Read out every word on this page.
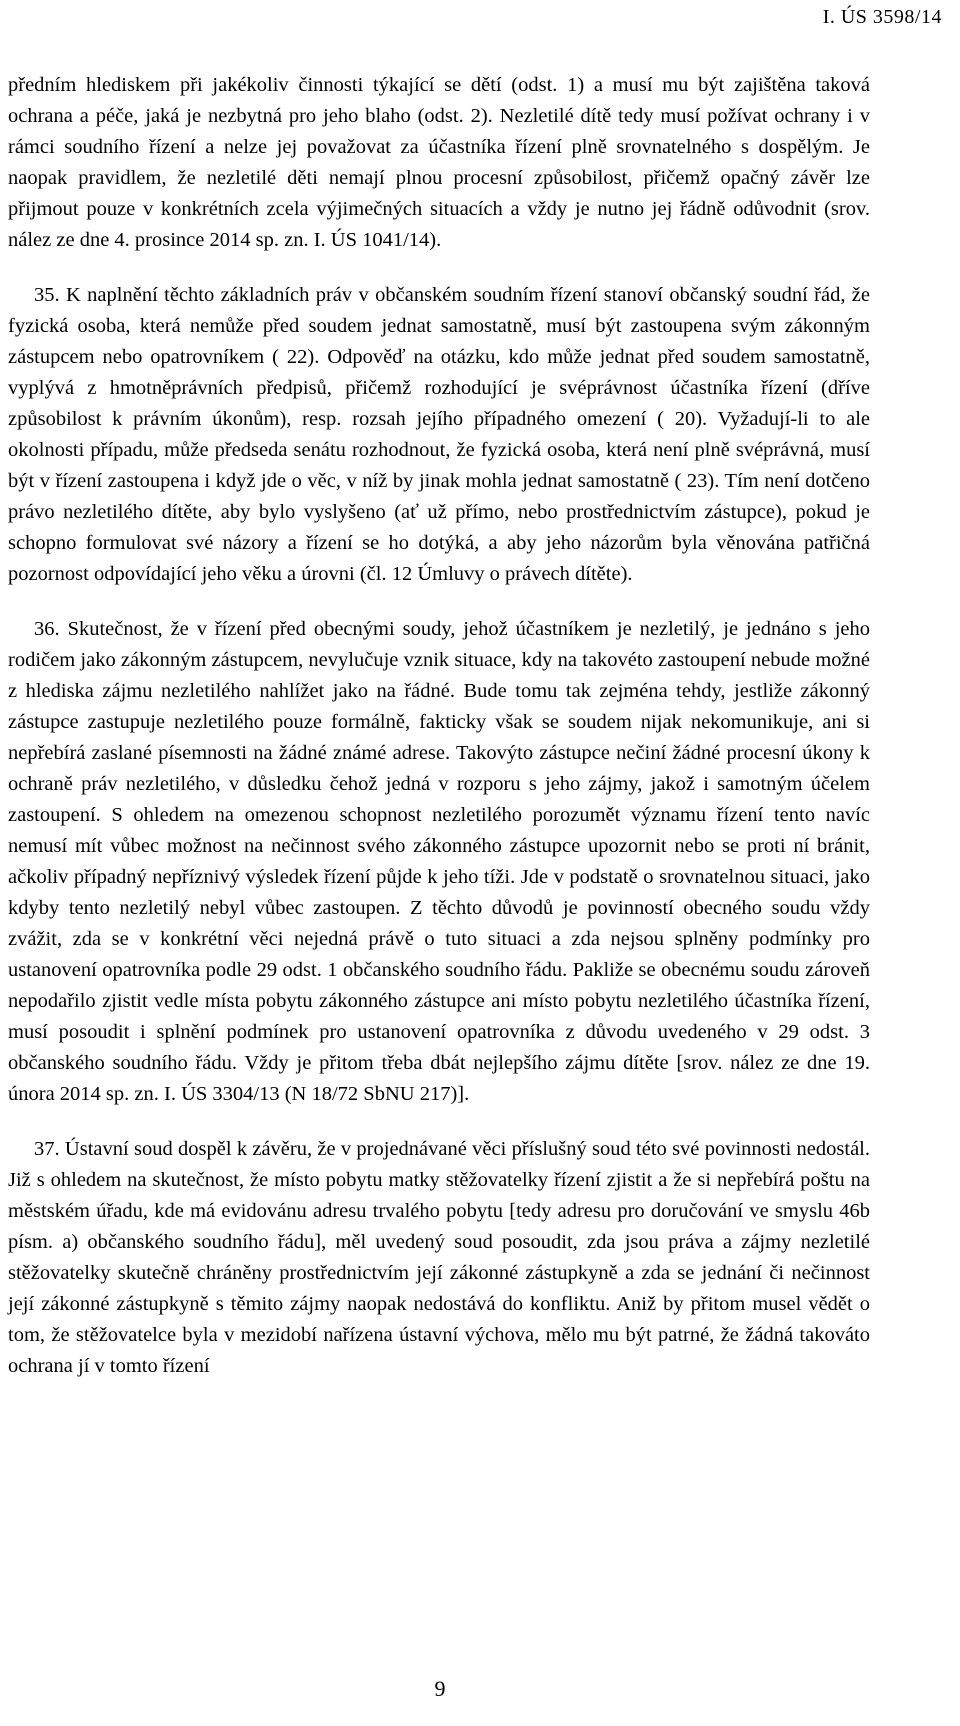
I. ÚS 3598/14

předním hlediskem při jakékoliv činnosti týkající se dětí (odst. 1) a musí mu být zajištěna taková ochrana a péče, jaká je nezbytná pro jeho blaho (odst. 2). Nezletilé dítě tedy musí požívat ochrany i v rámci soudního řízení a nelze jej považovat za účastníka řízení plně srovnatelného s dospělým. Je naopak pravidlem, že nezletilé děti nemají plnou procesní způsobilost, přičemž opačný závěr lze přijmout pouze v konkrétních zcela výjimečných situacích a vždy je nutno jej řádně odůvodnit (srov. nález ze dne 4. prosince 2014 sp. zn. I. ÚS 1041/14).

35. K naplnění těchto základních práv v občanském soudním řízení stanoví občanský soudní řád, že fyzická osoba, která nemůže před soudem jednat samostatně, musí být zastoupena svým zákonným zástupcem nebo opatrovníkem ( 22). Odpověď na otázku, kdo může jednat před soudem samostatně, vyplývá z hmotněprávních předpisů, přičemž rozhodující je svéprávnost účastníka řízení (dříve způsobilost k právním úkonům), resp. rozsah jejího případného omezení ( 20). Vyžadují-li to ale okolnosti případu, může předseda senátu rozhodnout, že fyzická osoba, která není plně svéprávná, musí být v řízení zastoupena i když jde o věc, v níž by jinak mohla jednat samostatně ( 23). Tím není dotčeno právo nezletilého dítěte, aby bylo vyslyšeno (ať už přímo, nebo prostřednictvím zástupce), pokud je schopno formulovat své názory a řízení se ho dotýká, a aby jeho názorům byla věnována patřičná pozornost odpovídající jeho věku a úrovni (čl. 12 Úmluvy o právech dítěte).

36. Skutečnost, že v řízení před obecnými soudy, jehož účastníkem je nezletilý, je jednáno s jeho rodičem jako zákonným zástupcem, nevylučuje vznik situace, kdy na takovéto zastoupení nebude možné z hlediska zájmu nezletilého nahlížet jako na řádné. Bude tomu tak zejména tehdy, jestliže zákonný zástupce zastupuje nezletilého pouze formálně, fakticky však se soudem nijak nekomunikuje, ani si nepřebírá zaslané písemnosti na žádné známé adrese. Takovýto zástupce nečiní žádné procesní úkony k ochraně práv nezletilého, v důsledku čehož jedná v rozporu s jeho zájmy, jakož i samotným účelem zastoupení. S ohledem na omezenou schopnost nezletilého porozumět významu řízení tento navíc nemusí mít vůbec možnost na nečinnost svého zákonného zástupce upozornit nebo se proti ní bránit, ačkoliv případný nepříznivý výsledek řízení půjde k jeho tíži. Jde v podstatě o srovnatelnou situaci, jako kdyby tento nezletilý nebyl vůbec zastoupen. Z těchto důvodů je povinností obecného soudu vždy zvážit, zda se v konkrétní věci nejedná právě o tuto situaci a zda nejsou splněny podmínky pro ustanovení opatrovníka podle 29 odst. 1 občanského soudního řádu. Pakliže se obecnému soudu zároveň nepodařilo zjistit vedle místa pobytu zákonného zástupce ani místo pobytu nezletilého účastníka řízení, musí posoudit i splnění podmínek pro ustanovení opatrovníka z důvodu uvedeného v 29 odst. 3 občanského soudního řádu. Vždy je přitom třeba dbát nejlepšího zájmu dítěte [srov. nález ze dne 19. února 2014 sp. zn. I. ÚS 3304/13 (N 18/72 SbNU 217)].

37. Ústavní soud dospěl k závěru, že v projednávané věci příslušný soud této své povinnosti nedostál. Již s ohledem na skutečnost, že místo pobytu matky stěžovatelky řízení zjistit a že si nepřebírá poštu na městském úřadu, kde má evidovánu adresu trvalého pobytu [tedy adresu pro doručování ve smyslu 46b písm. a) občanského soudního řádu], měl uvedený soud posoudit, zda jsou práva a zájmy nezletilé stěžovatelky skutečně chráněny prostřednictvím její zákonné zástupkyně a zda se jednání či nečinnost její zákonné zástupkyně s těmito zájmy naopak nedostává do konfliktu. Aniž by přitom musel vědět o tom, že stěžovatelce byla v mezidobí nařízena ústavní výchova, mělo mu být patrné, že žádná takováto ochrana jí v tomto řízení

9
